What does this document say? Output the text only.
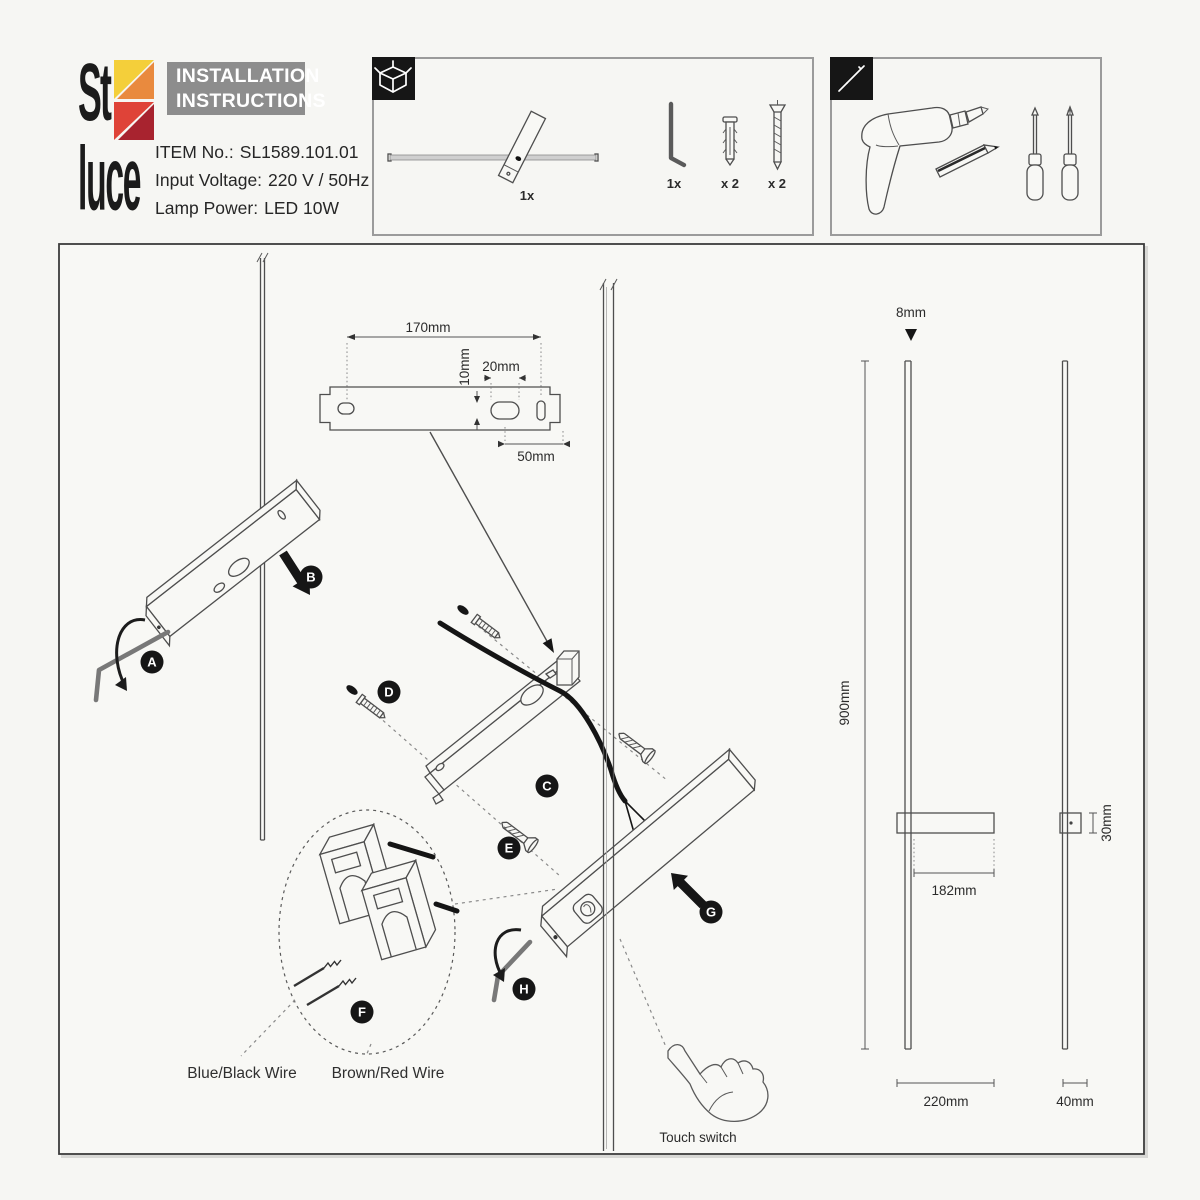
St
luce
INSTALLATION
INSTRUCTIONS
ITEM No.: SL1589.101.01
Input Voltage: 220 V / 50Hz
Lamp Power: LED 10W
1x
1x	x 2 x 2
170mm
10mm 20mm
50mm
Blue/Black Wire Brown/Red Wire
A
B
C
D
E
F
G
H
Touch switch
8mm
900mm
182mm
220mm
30mm
40mm
